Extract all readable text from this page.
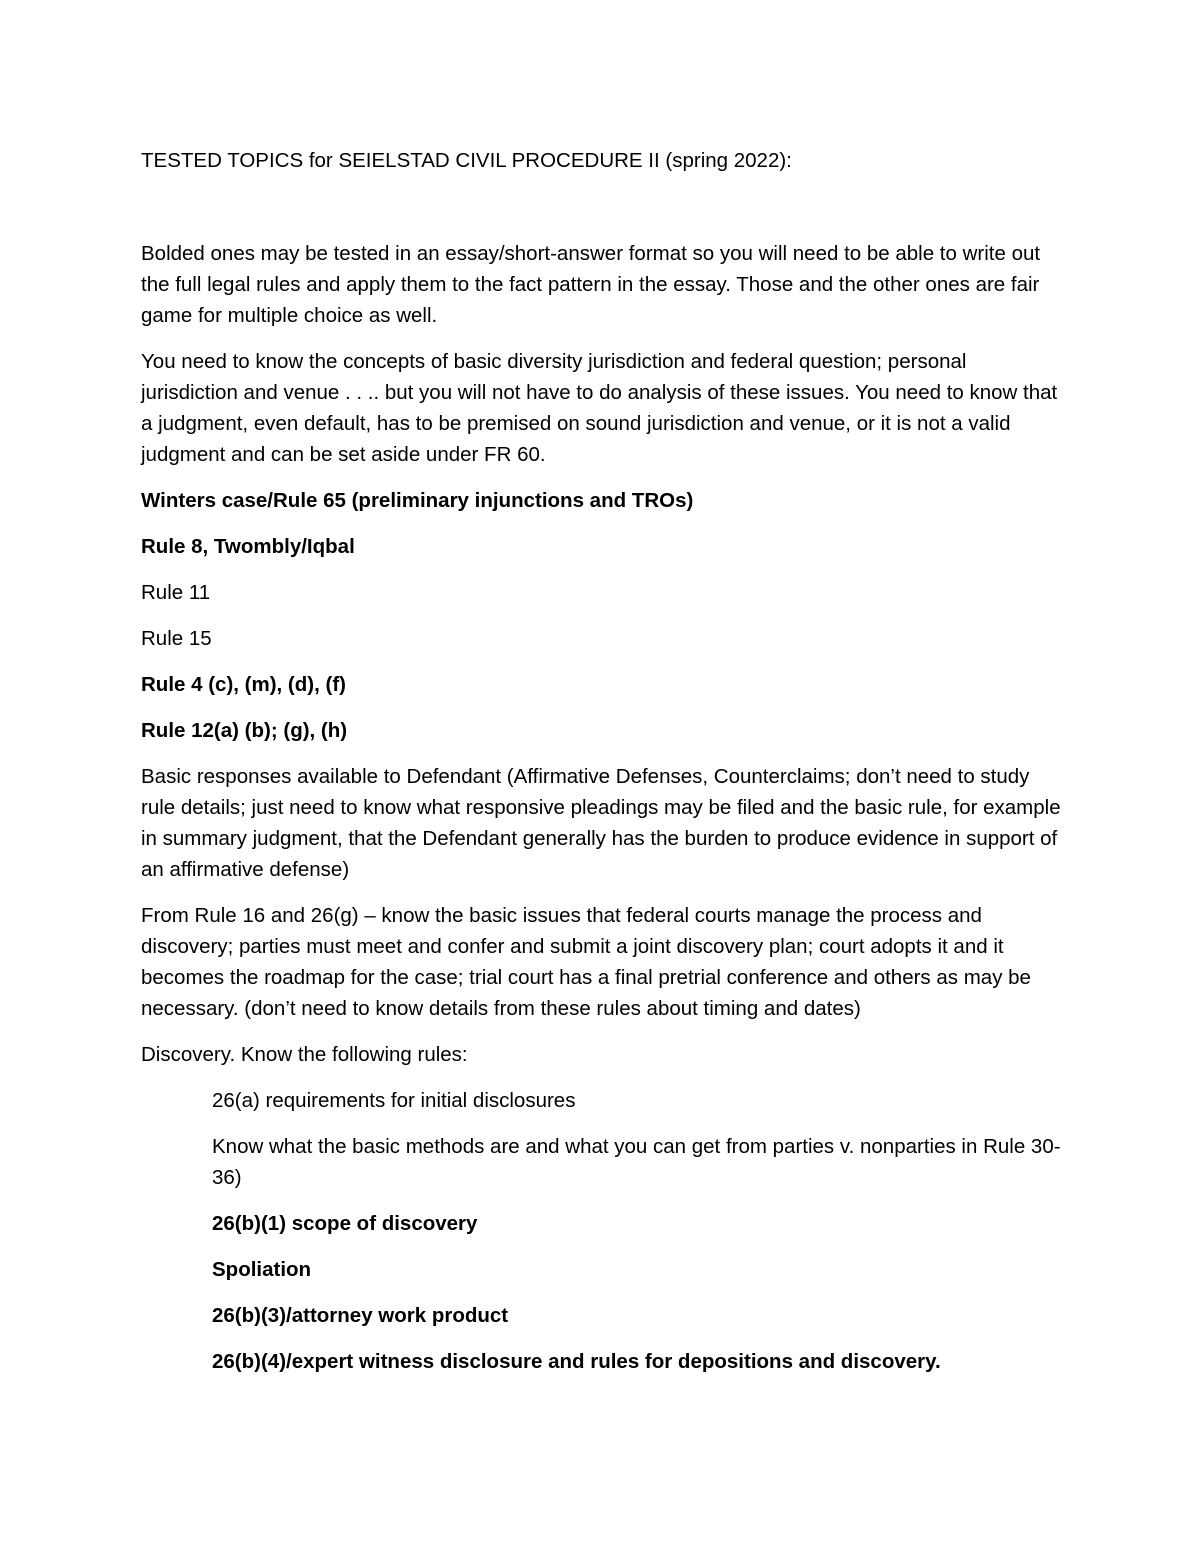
TESTED TOPICS for SEIELSTAD CIVIL PROCEDURE II (spring 2022):

Bolded ones may be tested in an essay/short-answer format so you will need to be able to write out the full legal rules and apply them to the fact pattern in the essay. Those and the other ones are fair game for multiple choice as well.

You need to know the concepts of basic diversity jurisdiction and federal question; personal jurisdiction and venue . . .. but you will not have to do analysis of these issues. You need to know that a judgment, even default, has to be premised on sound jurisdiction and venue, or it is not a valid judgment and can be set aside under FR 60.

Winters case/Rule 65 (preliminary injunctions and TROs)

Rule 8, Twombly/Iqbal

Rule 11

Rule 15

Rule 4 (c), (m), (d), (f)

Rule 12(a) (b); (g), (h)

Basic responses available to Defendant (Affirmative Defenses, Counterclaims; don’t need to study rule details; just need to know what responsive pleadings may be filed and the basic rule, for example in summary judgment, that the Defendant generally has the burden to produce evidence in support of an affirmative defense)

From Rule 16 and 26(g) – know the basic issues that federal courts manage the process and discovery; parties must meet and confer and submit a joint discovery plan; court adopts it and it becomes the roadmap for the case; trial court has a final pretrial conference and others as may be necessary. (don’t need to know details from these rules about timing and dates)

Discovery. Know the following rules:

26(a) requirements for initial disclosures

Know what the basic methods are and what you can get from parties v. nonparties in Rule 30-36)

26(b)(1) scope of discovery

Spoliation

26(b)(3)/attorney work product

26(b)(4)/expert witness disclosure and rules for depositions and discovery.
